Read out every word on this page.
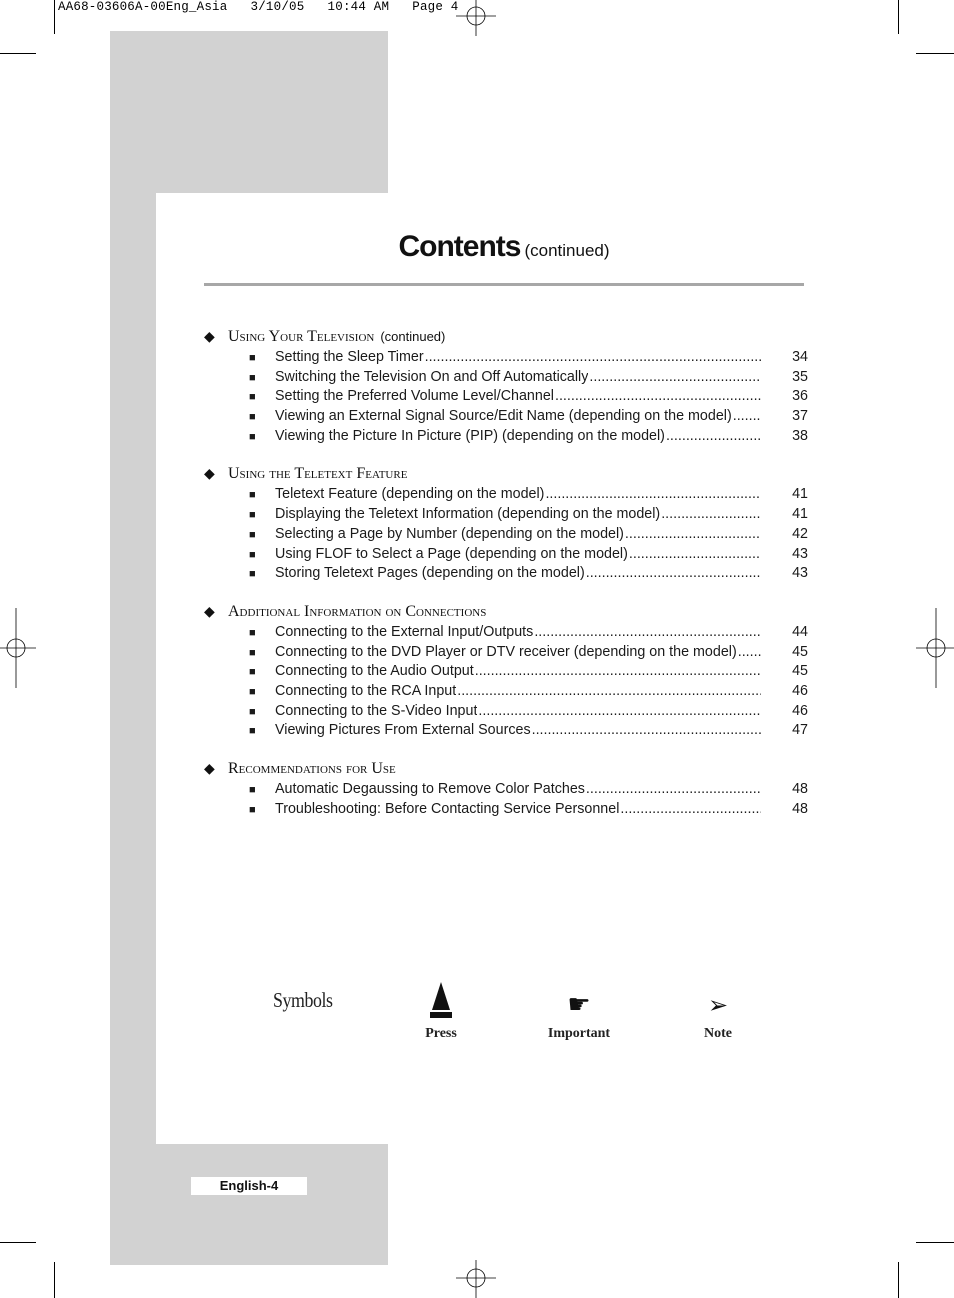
AA68-03606A-00Eng_Asia   3/10/05   10:44 AM   Page 4
Contents (continued)
◆ Using Your Television (continued)
■	Setting the Sleep Timer .....	34
■	Switching the Television On and Off Automatically .....	35
■	Setting the Preferred Volume Level/Channel .....	36
■	Viewing an External Signal Source/Edit Name (depending on the model) .....	37
■	Viewing the Picture In Picture (PIP) (depending on the model) .....	38
◆ Using the Teletext Feature
■	Teletext Feature (depending on the model) .....	41
■	Displaying the Teletext Information (depending on the model) .....	41
■	Selecting a Page by Number (depending on the model) .....	42
■	Using FLOF to Select a Page (depending on the model) .....	43
■	Storing Teletext Pages (depending on the model) .....	43
◆ Additional Information on Connections
■	Connecting to the External Input/Outputs .....	44
■	Connecting to the DVD Player or DTV receiver (depending on the model) .....	45
■	Connecting to the Audio Output .....	45
■	Connecting to the RCA Input .....	46
■	Connecting to the S-Video Input .....	46
■	Viewing Pictures From External Sources .....	47
◆ Recommendations for Use
■	Automatic Degaussing to Remove Color Patches .....	48
■	Troubleshooting: Before Contacting Service Personnel .....	48
Symbols
Press
☛
Important
➢
Note
English-4
